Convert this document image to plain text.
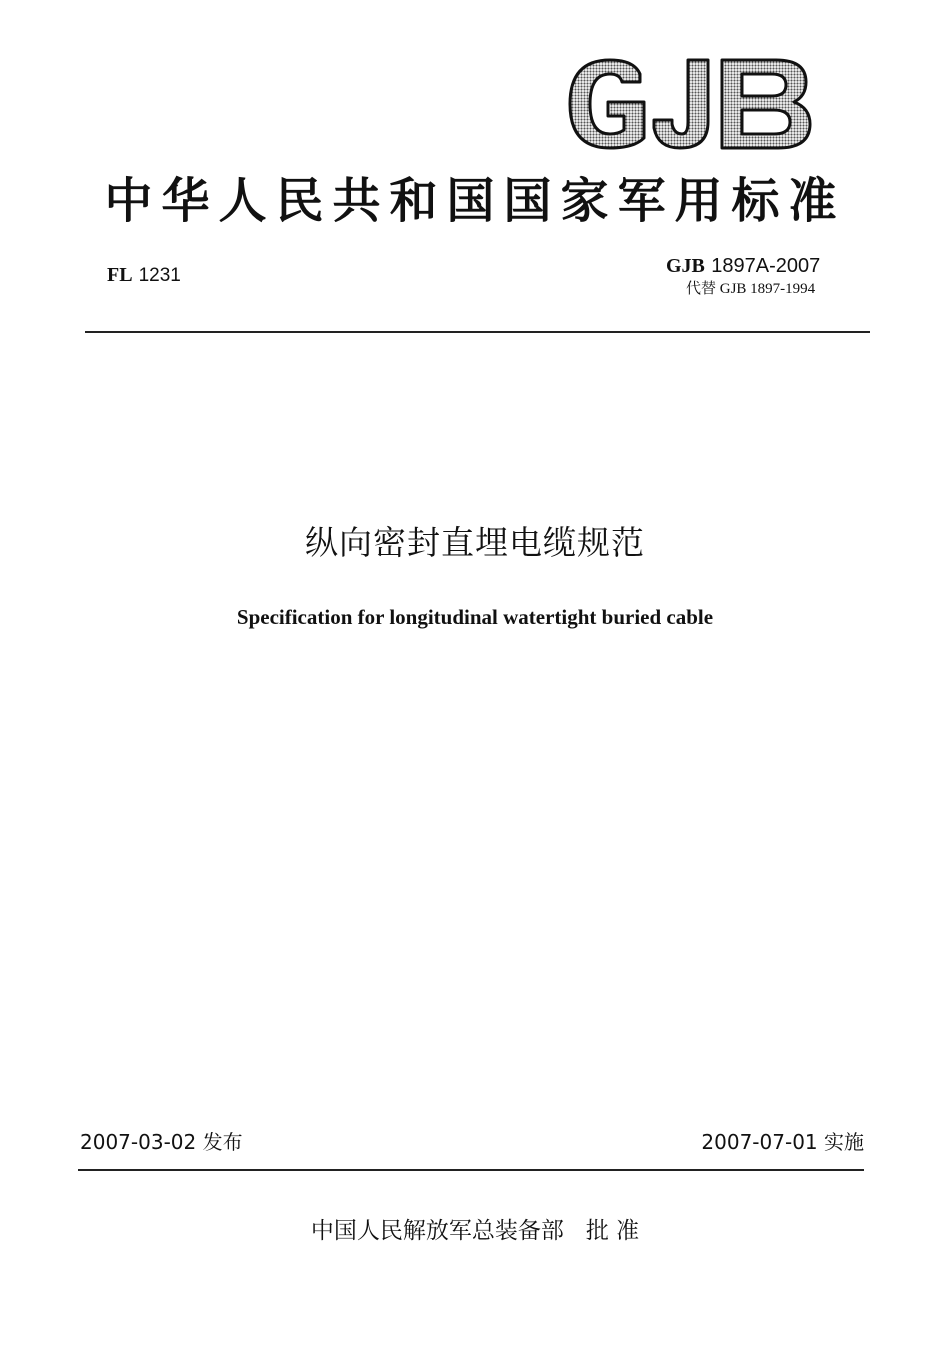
中华人民共和国国家军用标准
FL 1231	GJB 1897A-2007
代替 GJB 1897-1994
纵向密封直埋电缆规范
Specification for longitudinal watertight buried cable
2007-03-02 发布	2007-07-01 实施
中国人民解放军总装备部 批 准
